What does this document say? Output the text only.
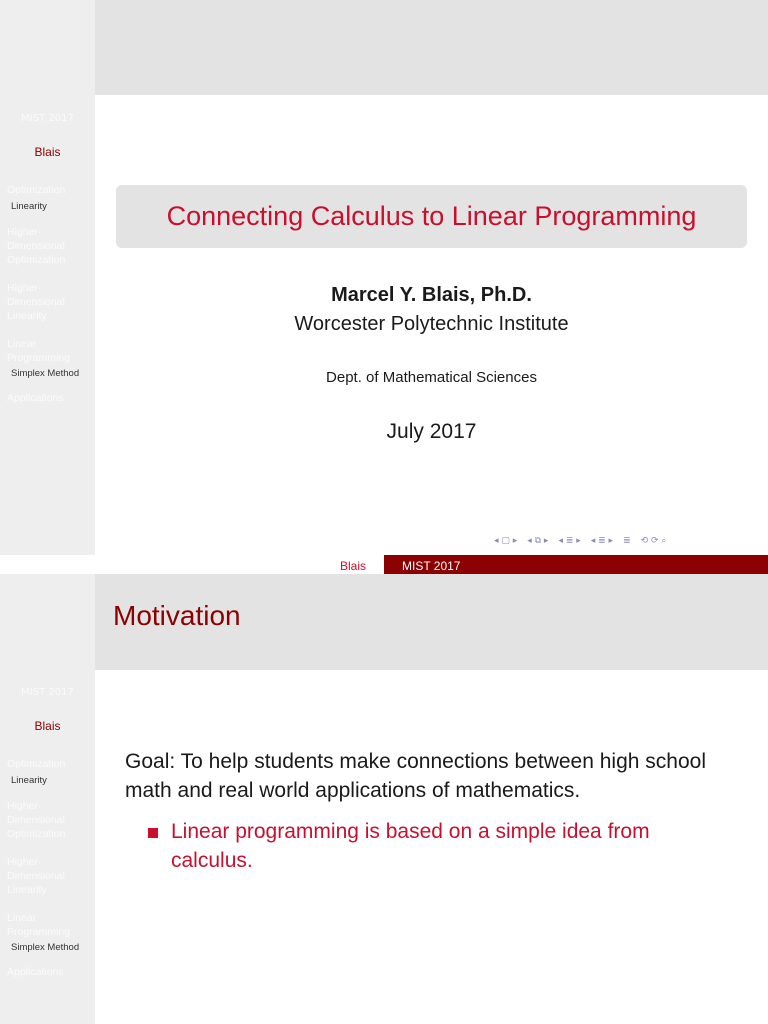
MIST 2017
Blais
Optimization
Linearity
Higher-Dimensional Optimization
Higher-Dimensional Linearity
Linear Programming
Simplex Method
Applications
Connecting Calculus to Linear Programming
Marcel Y. Blais, Ph.D.
Worcester Polytechnic Institute
Dept. of Mathematical Sciences
July 2017
◂ ▢ ▸ ◂ ⧉ ▸ ◂ ≣ ▸ ◂ ≣ ▸ ≣ ⟲ ⟳ ⌕
Blais	MIST 2017
MIST 2017
Blais
Optimization
Linearity
Higher-Dimensional Optimization
Higher-Dimensional Linearity
Linear Programming
Simplex Method
Applications
Motivation
Goal: To help students make connections between high school math and real world applications of mathematics.
Linear programming is based on a simple idea from calculus.
